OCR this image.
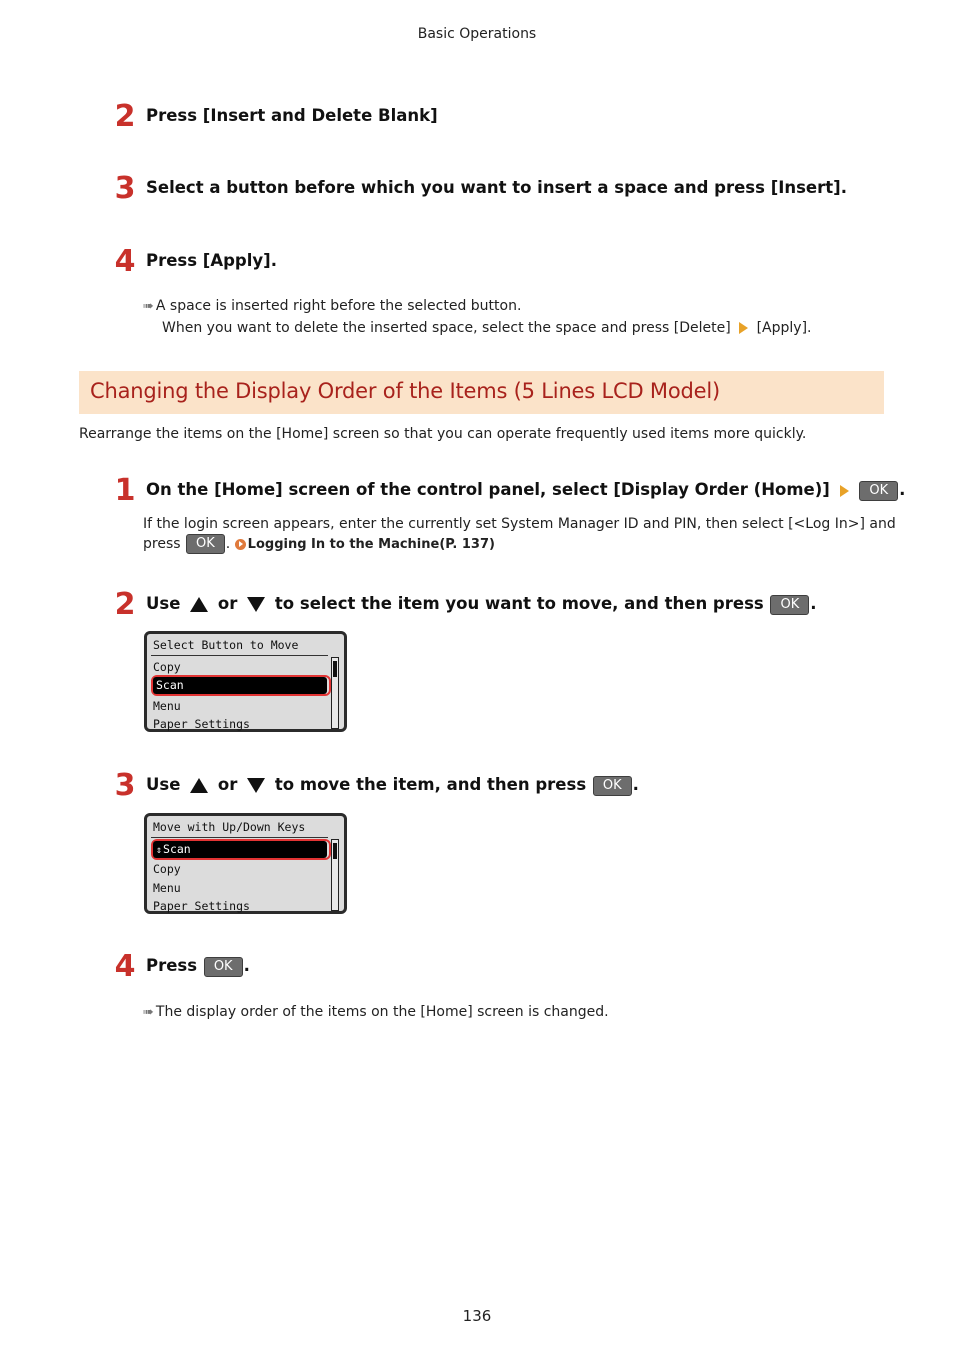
Basic Operations
2 Press [Insert and Delete Blank]
3 Select a button before which you want to insert a space and press [Insert].
4 Press [Apply].
➠ A space is inserted right before the selected button.
When you want to delete the inserted space, select the space and press [Delete] [Apply].
Changing the Display Order of the Items (5 Lines LCD Model)
Rearrange the items on the [Home] screen so that you can operate frequently used items more quickly.
1 On the [Home] screen of the control panel, select [Display Order (Home)]	OK .
If the login screen appears, enter the currently set System Manager ID and PIN, then select [<Log In>] and
press OK . Logging In to the Machine(P. 137)
2 Use or to select the item you want to move, and then press OK .
Select Button to Move
Copy
Scan
Menu
Paper Settings
3 Use or to move the item, and then press OK .
Move with Up/Down Keys
⇕Scan
Copy
Menu
Paper Settings
4 Press OK .
➠ The display order of the items on the [Home] screen is changed.
136
